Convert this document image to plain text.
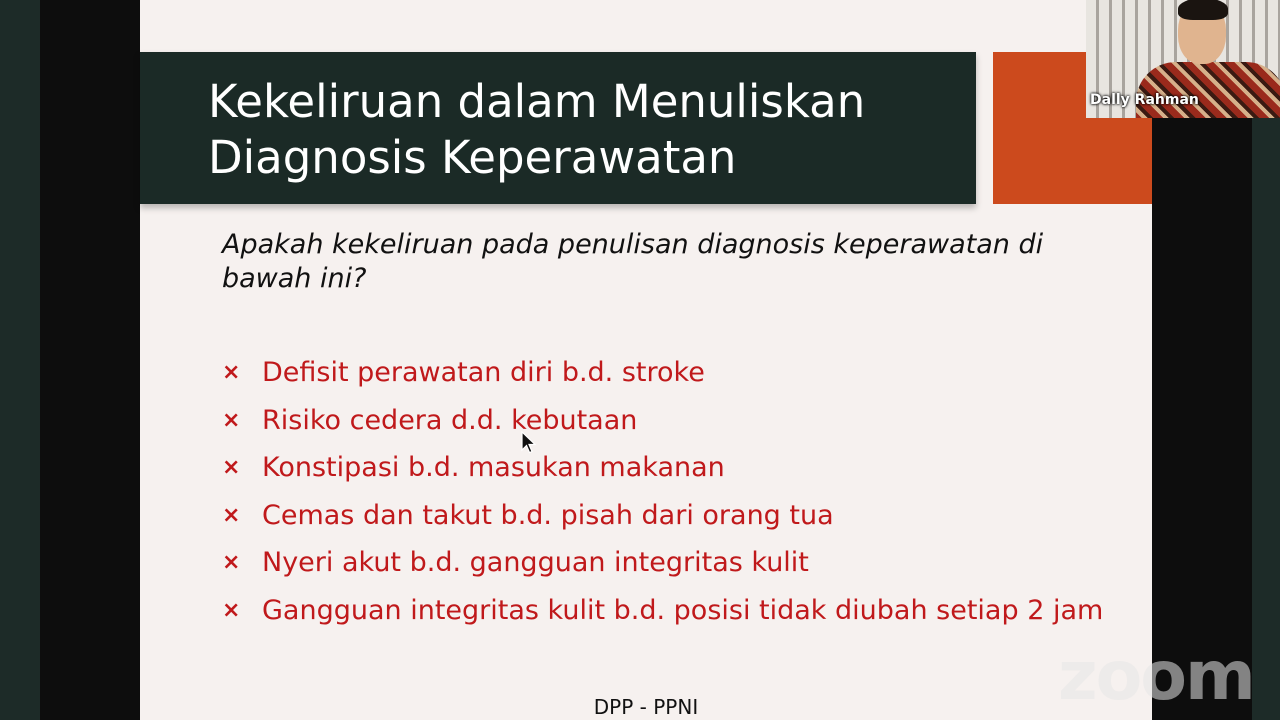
Kekeliruan dalam Menuliskan
Diagnosis Keperawatan

Apakah kekeliruan pada penulisan diagnosis keperawatan di bawah ini?

× Defisit perawatan diri b.d. stroke
× Risiko cedera d.d. kebutaan
× Konstipasi b.d. masukan makanan
× Cemas dan takut b.d. pisah dari orang tua
× Nyeri akut b.d. gangguan integritas kulit
× Gangguan integritas kulit b.d. posisi tidak diubah setiap 2 jam
DPP - PPNI
Dally Rahman
zoom
